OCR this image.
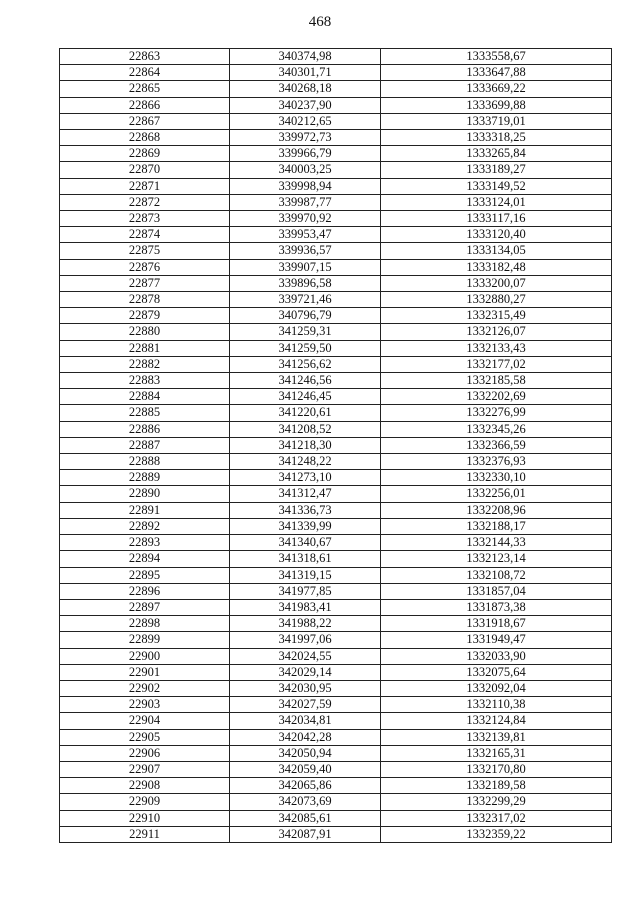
468
22863	340374,98	1333558,67
22864	340301,71	1333647,88
22865	340268,18	1333669,22
22866	340237,90	1333699,88
22867	340212,65	1333719,01
22868	339972,73	1333318,25
22869	339966,79	1333265,84
22870	340003,25	1333189,27
22871	339998,94	1333149,52
22872	339987,77	1333124,01
22873	339970,92	1333117,16
22874	339953,47	1333120,40
22875	339936,57	1333134,05
22876	339907,15	1333182,48
22877	339896,58	1333200,07
22878	339721,46	1332880,27
22879	340796,79	1332315,49
22880	341259,31	1332126,07
22881	341259,50	1332133,43
22882	341256,62	1332177,02
22883	341246,56	1332185,58
22884	341246,45	1332202,69
22885	341220,61	1332276,99
22886	341208,52	1332345,26
22887	341218,30	1332366,59
22888	341248,22	1332376,93
22889	341273,10	1332330,10
22890	341312,47	1332256,01
22891	341336,73	1332208,96
22892	341339,99	1332188,17
22893	341340,67	1332144,33
22894	341318,61	1332123,14
22895	341319,15	1332108,72
22896	341977,85	1331857,04
22897	341983,41	1331873,38
22898	341988,22	1331918,67
22899	341997,06	1331949,47
22900	342024,55	1332033,90
22901	342029,14	1332075,64
22902	342030,95	1332092,04
22903	342027,59	1332110,38
22904	342034,81	1332124,84
22905	342042,28	1332139,81
22906	342050,94	1332165,31
22907	342059,40	1332170,80
22908	342065,86	1332189,58
22909	342073,69	1332299,29
22910	342085,61	1332317,02
22911	342087,91	1332359,22
